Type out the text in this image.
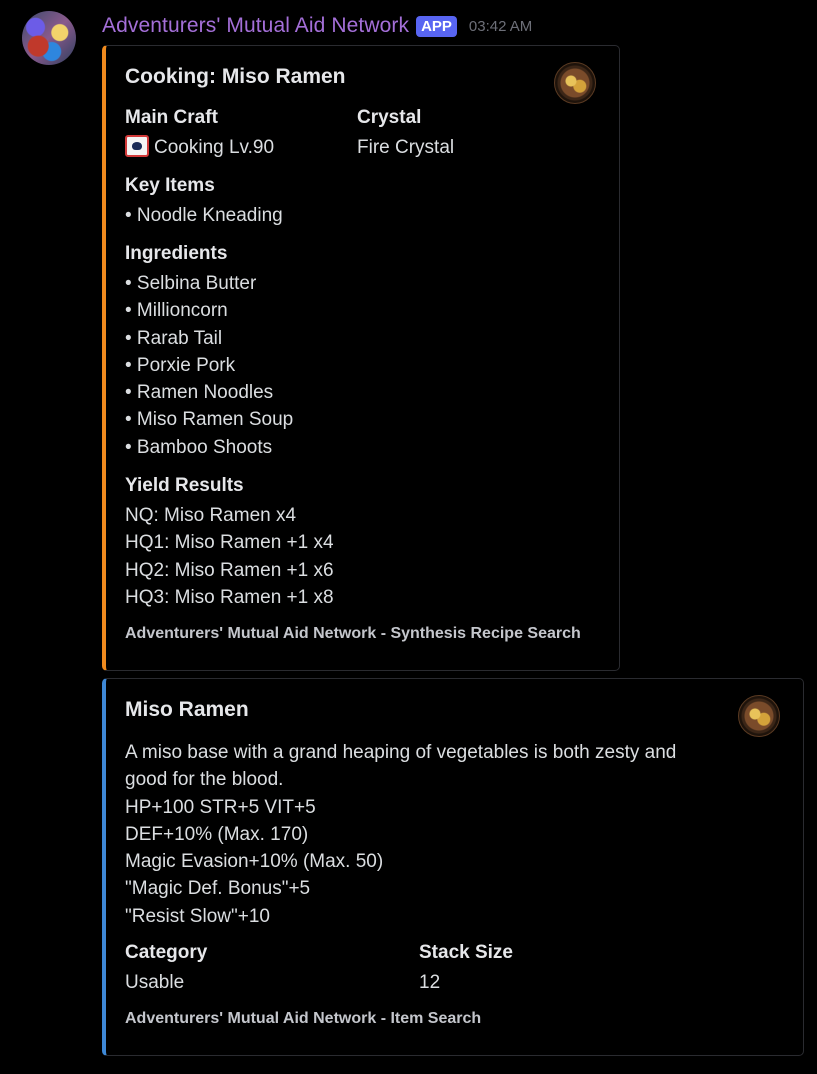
Adventurers' Mutual Aid Network APP	03:42 AM
Cooking: Miso Ramen
Main Craft
Cooking Lv.90
Crystal
Fire Crystal
Key Items
• Noodle Kneading
Ingredients
• Selbina Butter
• Millioncorn
• Rarab Tail
• Porxie Pork
• Ramen Noodles
• Miso Ramen Soup
• Bamboo Shoots
Yield Results
NQ: Miso Ramen x4
HQ1: Miso Ramen +1 x4
HQ2: Miso Ramen +1 x6
HQ3: Miso Ramen +1 x8
Adventurers' Mutual Aid Network - Synthesis Recipe Search
Miso Ramen
A miso base with a grand heaping of vegetables is both zesty and
good for the blood.
HP+100 STR+5 VIT+5
DEF+10% (Max. 170)
Magic Evasion+10% (Max. 50)
"Magic Def. Bonus"+5
"Resist Slow"+10
Category
Usable
Stack Size
12
Adventurers' Mutual Aid Network - Item Search
